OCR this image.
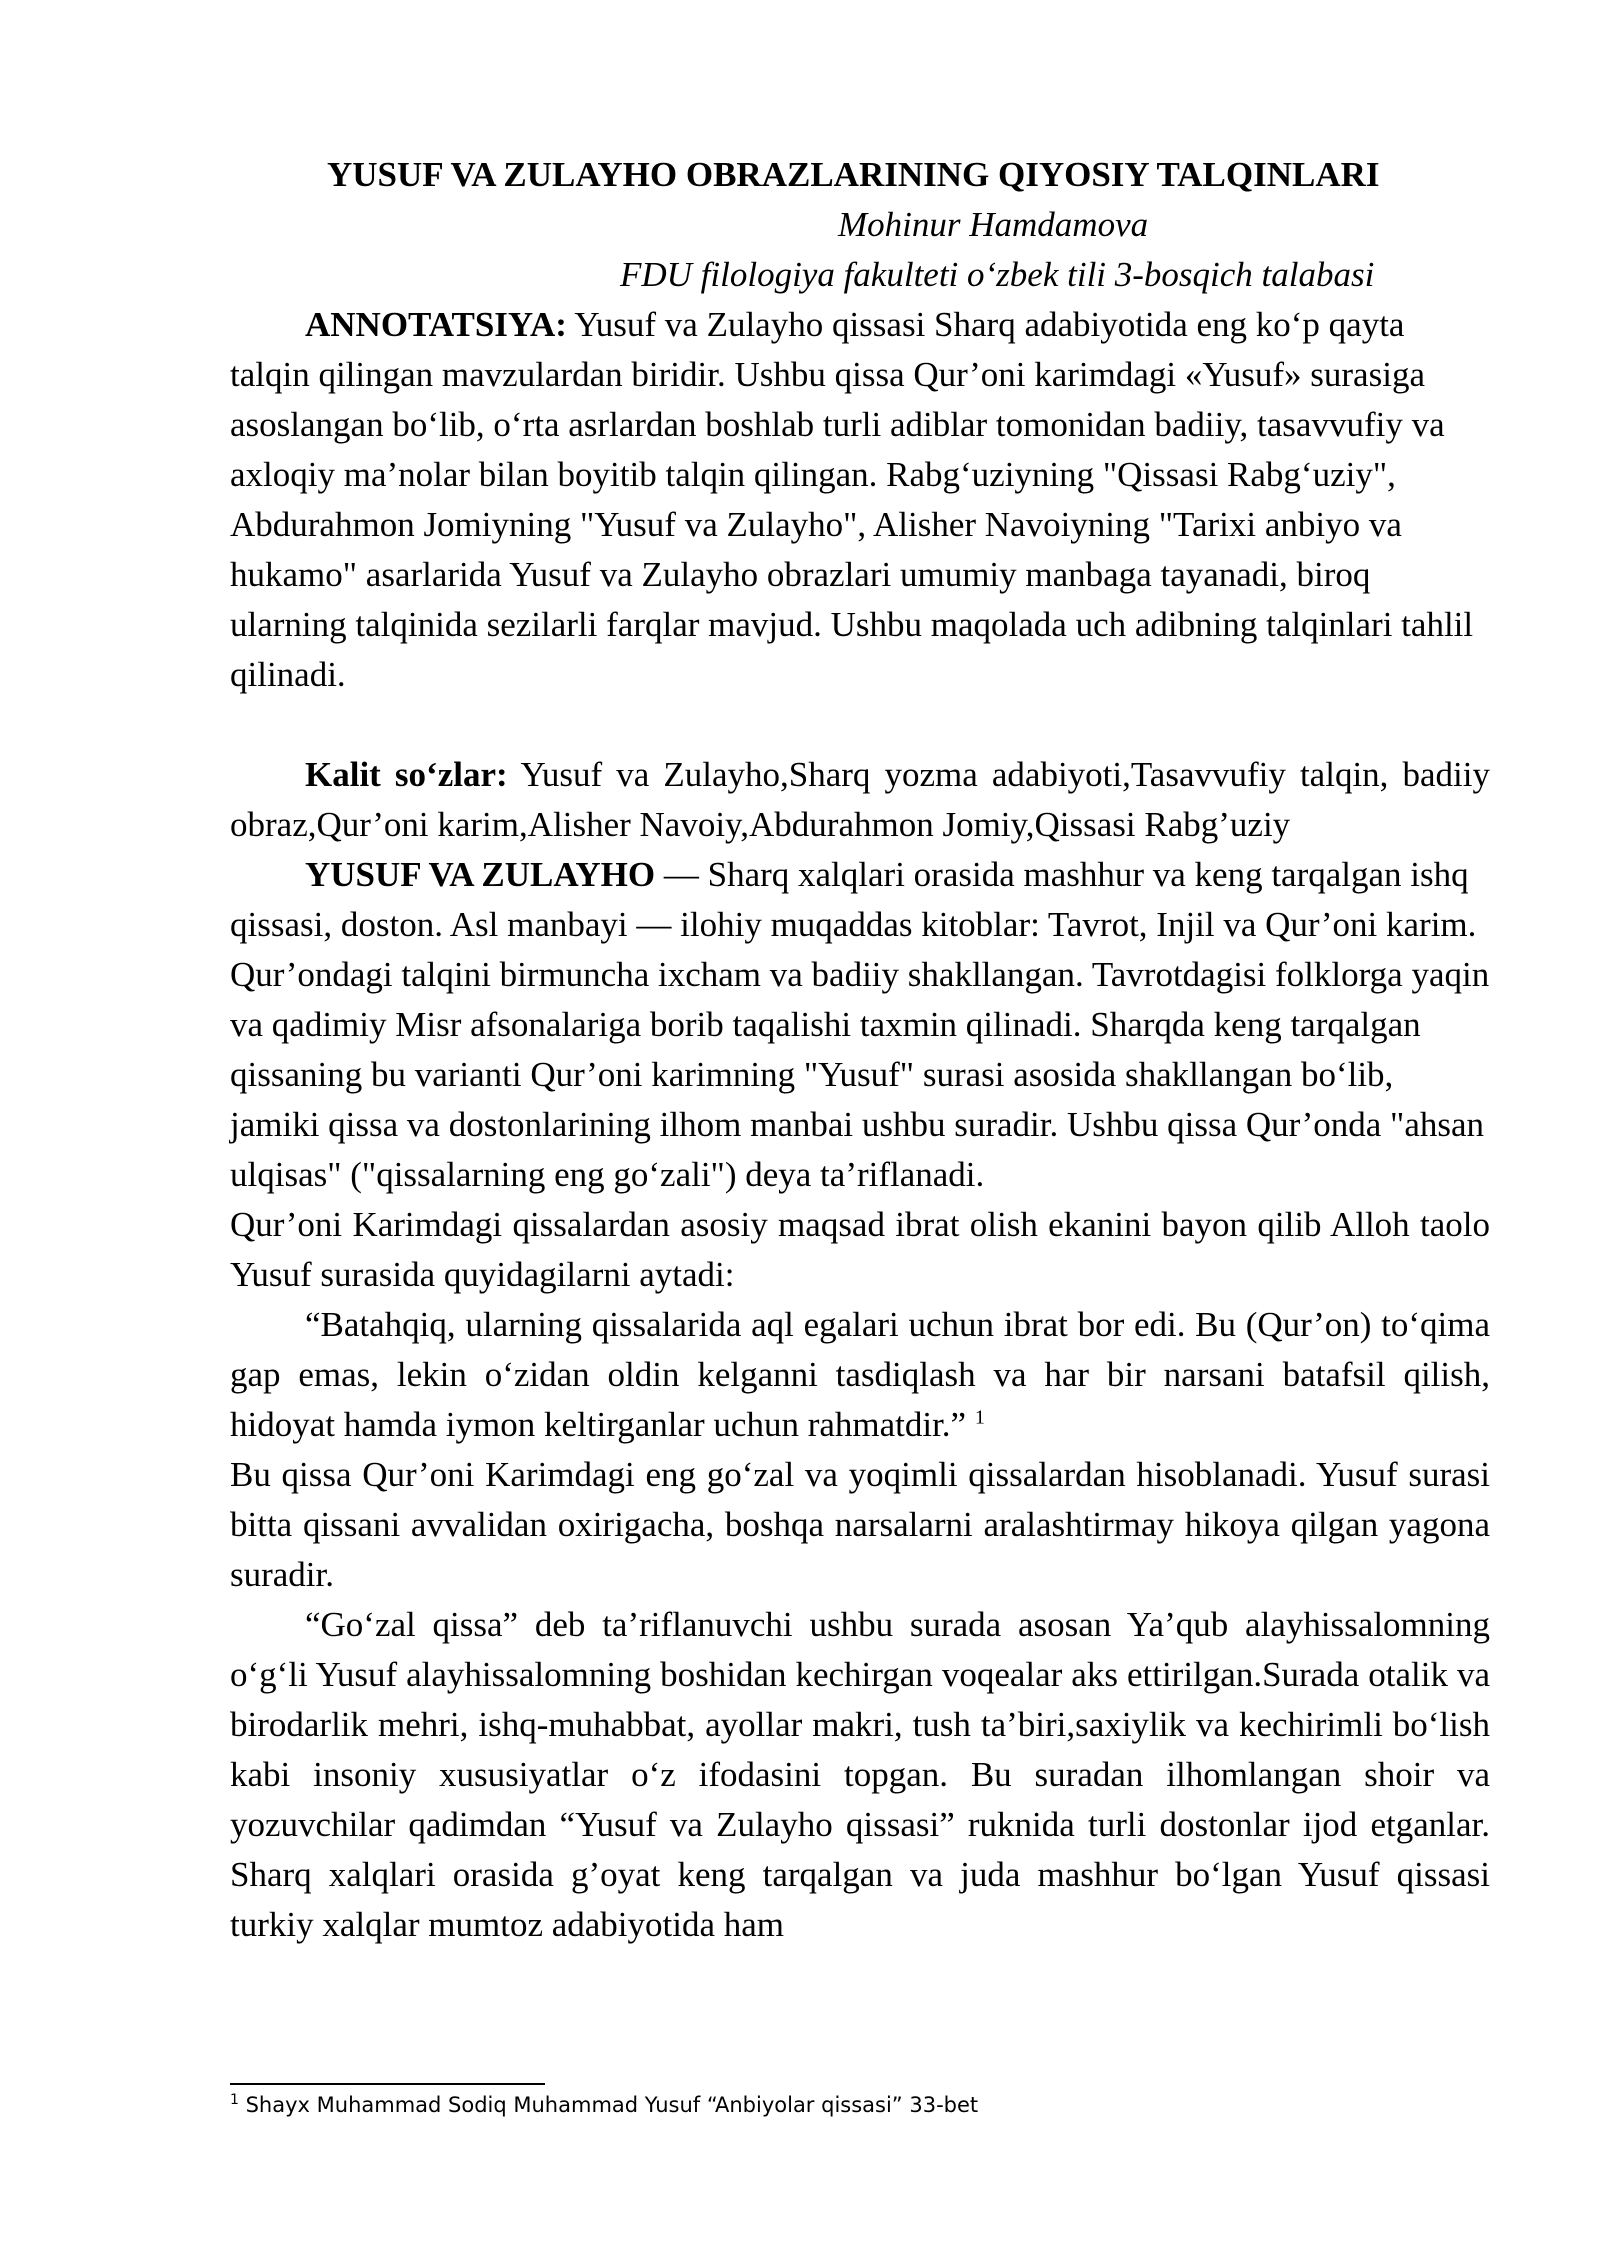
YUSUF VA ZULAYHO OBRAZLARINING QIYOSIY TALQINLARI

Mohinur Hamdamova

FDU filologiya fakulteti oʻzbek tili 3-bosqich talabasi

ANNOTATSIYA: Yusuf va Zulayho qissasi Sharq adabiyotida eng koʻp qayta talqin qilingan mavzulardan biridir. Ushbu qissa Qur’oni karimdagi «Yusuf» surasiga asoslangan boʻlib, oʻrta asrlardan boshlab turli adiblar tomonidan badiiy, tasavvufiy va axloqiy ma’nolar bilan boyitib talqin qilingan. Rabgʻuziyning "Qissasi Rabgʻuziy", Abdurahmon Jomiyning "Yusuf va Zulayho", Alisher Navoiyning "Tarixi anbiyo va hukamo" asarlarida Yusuf va Zulayho obrazlari umumiy manbaga tayanadi, biroq ularning talqinida sezilarli farqlar mavjud. Ushbu maqolada uch adibning talqinlari tahlil qilinadi.

Kalit soʻzlar: Yusuf va Zulayho,Sharq yozma adabiyoti,Tasavvufiy talqin, badiiy obraz,Qur’oni karim,Alisher Navoiy,Abdurahmon Jomiy,Qissasi Rabg’uziy

YUSUF VA ZULAYHO — Sharq xalqlari orasida mashhur va keng tarqalgan ishq qissasi, doston. Asl manbayi — ilohiy muqaddas kitoblar: Tavrot, Injil va Qur’oni karim. Qur’ondagi talqini birmuncha ixcham va badiiy shakllangan. Tavrotdagisi folklorga yaqin va qadimiy Misr afsonalariga borib taqalishi taxmin qilinadi. Sharqda keng tarqalgan qissaning bu varianti Qur’oni karimning "Yusuf" surasi asosida shakllangan boʻlib, jamiki qissa va dostonlarining ilhom manbai ushbu suradir. Ushbu qissa Qur’onda "ahsan ulqisas" ("qissalarning eng goʻzali") deya ta’riflanadi.

Qur’oni Karimdagi qissalardan asosiy maqsad ibrat olish ekanini bayon qilib Alloh taolo Yusuf surasida quyidagilarni aytadi:

“Batahqiq, ularning qissalarida aql egalari uchun ibrat bor edi. Bu (Qur’on) toʻqima gap emas, lekin oʻzidan oldin kelganni tasdiqlash va har bir narsani batafsil qilish, hidoyat hamda iymon keltirganlar uchun rahmatdir.” $^1$

Bu qissa Qur’oni Karimdagi eng goʻzal va yoqimli qissalardan hisoblanadi. Yusuf surasi bitta qissani avvalidan oxirigacha, boshqa narsalarni aralashtirmay hikoya qilgan yagona suradir.

“Goʻzal qissa” deb ta’riflanuvchi ushbu surada asosan Ya’qub alayhissalomning oʻgʻli Yusuf alayhissalomning boshidan kechirgan voqealar aks ettirilgan.Surada otalik va birodarlik mehri, ishq-muhabbat, ayollar makri, tush ta’biri,saxiylik va kechirimli boʻlish kabi insoniy xususiyatlar oʻz ifodasini topgan. Bu suradan ilhomlangan shoir va yozuvchilar qadimdan “Yusuf va Zulayho qissasi” ruknida turli dostonlar ijod etganlar. Sharq xalqlari orasida g’oyat keng tarqalgan va juda mashhur boʻlgan Yusuf qissasi turkiy xalqlar mumtoz adabiyotida ham

$^1$ Shayx Muhammad Sodiq Muhammad Yusuf “Anbiyolar qissasi” 33-bet
